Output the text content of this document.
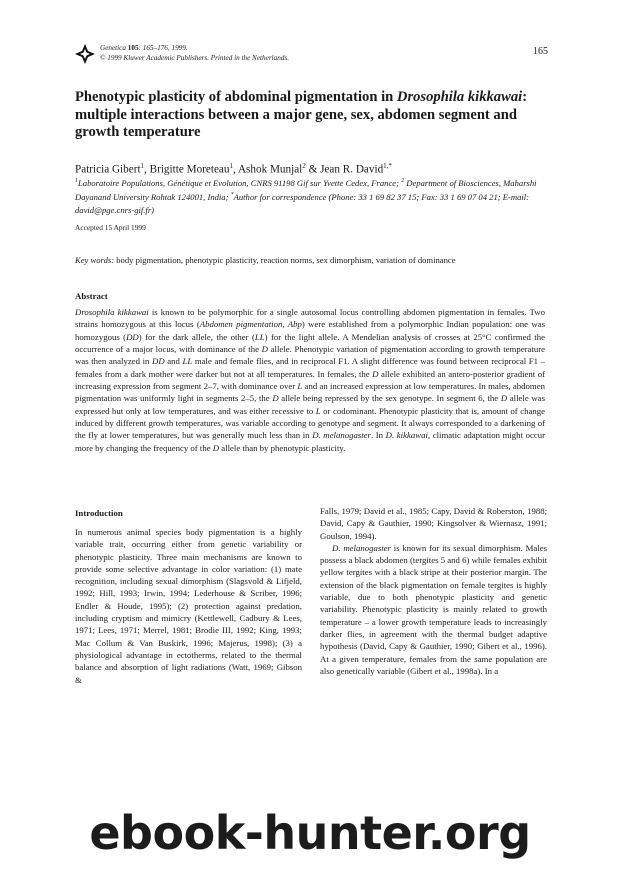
Genetica 105: 165–176, 1999.
© 1999 Kluwer Academic Publishers. Printed in the Netherlands.
165
Phenotypic plasticity of abdominal pigmentation in Drosophila kikkawai: multiple interactions between a major gene, sex, abdomen segment and growth temperature
Patricia Gibert$^1$, Brigitte Moreteau$^1$, Ashok Munjal$^2$ & Jean R. David$^{1,*}$
$^1$Laboratoire Populations, Génétique et Evolution, CNRS 91198 Gif sur Yvette Cedex, France; $^2$ Department of Biosciences, Maharshi Dayanand University Rohtak 124001, India; *Author for correspondence (Phone: 33 1 69 82 37 15; Fax: 33 1 69 07 04 21; E-mail: david@pge.cnrs-gif.fr)
Accepted 15 April 1999
Key words: body pigmentation, phenotypic plasticity, reaction norms, sex dimorphism, variation of dominance
Abstract
Drosophila kikkawai is known to be polymorphic for a single autosomal locus controlling abdomen pigmentation in females. Two strains homozygous at this locus (Abdomen pigmentation, Abp) were established from a polymorphic Indian population: one was homozygous (DD) for the dark allele, the other (LL) for the light allele. A Mendelian analysis of crosses at 25°C confirmed the occurrence of a major locus, with dominance of the D allele. Phenotypic variation of pigmentation according to growth temperature was then analyzed in DD and LL male and female flies, and in reciprocal F1. A slight difference was found between reciprocal F1 – females from a dark mother were darker but not at all temperatures. In females, the D allele exhibited an antero-posterior gradient of increasing expression from segment 2–7, with dominance over L and an increased expression at low temperatures. In males, abdomen pigmentation was uniformly light in segments 2–5, the D allele being repressed by the sex genotype. In segment 6, the D allele was expressed but only at low temperatures, and was either recessive to L or codominant. Phenotypic plasticity that is, amount of change induced by different growth temperatures, was variable according to genotype and segment. It always corresponded to a darkening of the fly at lower temperatures, but was generally much less than in D. melanogaster. In D. kikkawai, climatic adaptation might occur more by changing the frequency of the D allele than by phenotypic plasticity.
Introduction

In numerous animal species body pigmentation is a highly variable trait, occurring either from genetic variability or phenotypic plasticity. Three main mechanisms are known to provide some selective advantage in color variation: (1) mate recognition, including sexual dimorphism (Slagsvold & Lifjeld, 1992; Hill, 1993; Irwin, 1994; Lederhouse & Scriber, 1996; Endler & Houde, 1995); (2) protection against predation, including cryptism and mimicry (Kettlewell, Cadbury & Lees, 1971; Lees, 1971; Merrel, 1981; Brodie III, 1992; King, 1993; Mac Collum & Van Buskirk, 1996; Majerus, 1998); (3) a physiological advantage in ectotherms, related to the thermal balance and absorption of light radiations (Watt, 1969; Gibson &

Falls, 1979; David et al., 1985; Capy, David & Roberston, 1988; David, Capy & Gauthier, 1990; Kingsolver & Wiernasz, 1991; Goulson, 1994).

D. melanogaster is known for its sexual dimorphism. Males possess a black abdomen (tergites 5 and 6) while females exhibit yellow tergites with a black stripe at their posterior margin. The extension of the black pigmentation on female tergites is highly variable, due to both phenotypic plasticity and genetic variability. Phenotypic plasticity is mainly related to growth temperature – a lower growth temperature leads to increasingly darker flies, in agreement with the thermal budget adaptive hypothesis (David, Capy & Gauthier, 1990; Gibert et al., 1996). At a given temperature, females from the same population are also genetically variable (Gibert et al., 1998a). In a

ebook-hunter.org
